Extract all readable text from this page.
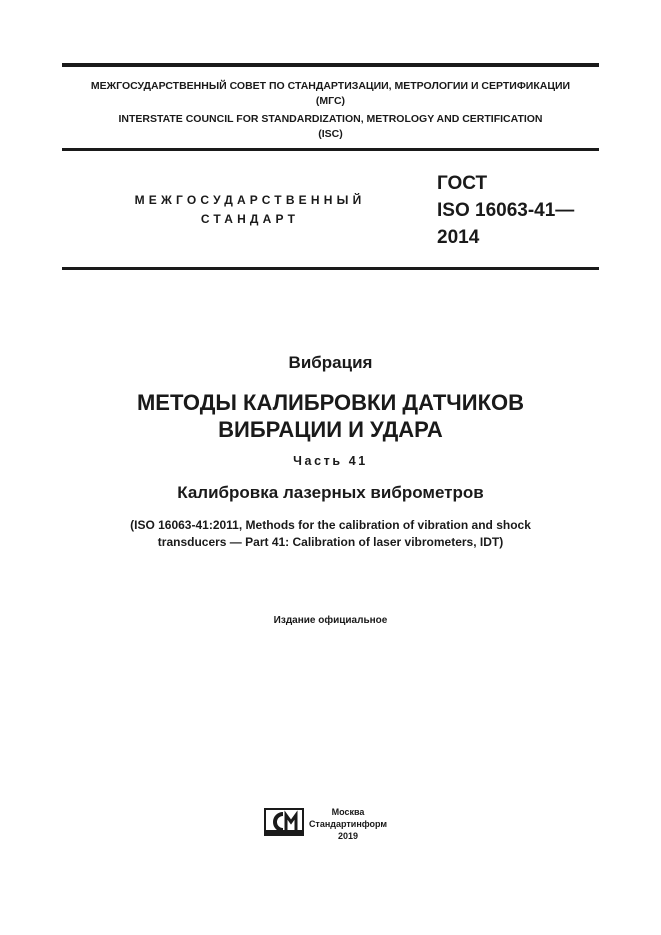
МЕЖГОСУДАРСТВЕННЫЙ СОВЕТ ПО СТАНДАРТИЗАЦИИ, МЕТРОЛОГИИ И СЕРТИФИКАЦИИ
(МГС)
INTERSTATE COUNCIL FOR STANDARDIZATION, METROLOGY AND CERTIFICATION
(ISC)
МЕЖГОСУДАРСТВЕННЫЙ
СТАНДАРТ
ГОСТ
ISO 16063-41—
2014
Вибрация
МЕТОДЫ КАЛИБРОВКИ ДАТЧИКОВ
ВИБРАЦИИ И УДАРА
Часть 41
Калибровка лазерных виброметров
(ISO 16063-41:2011, Methods for the calibration of vibration and shock
transducers — Part 41: Calibration of laser vibrometers, IDT)
Издание официальное
Москва
Стандартинформ
2019
